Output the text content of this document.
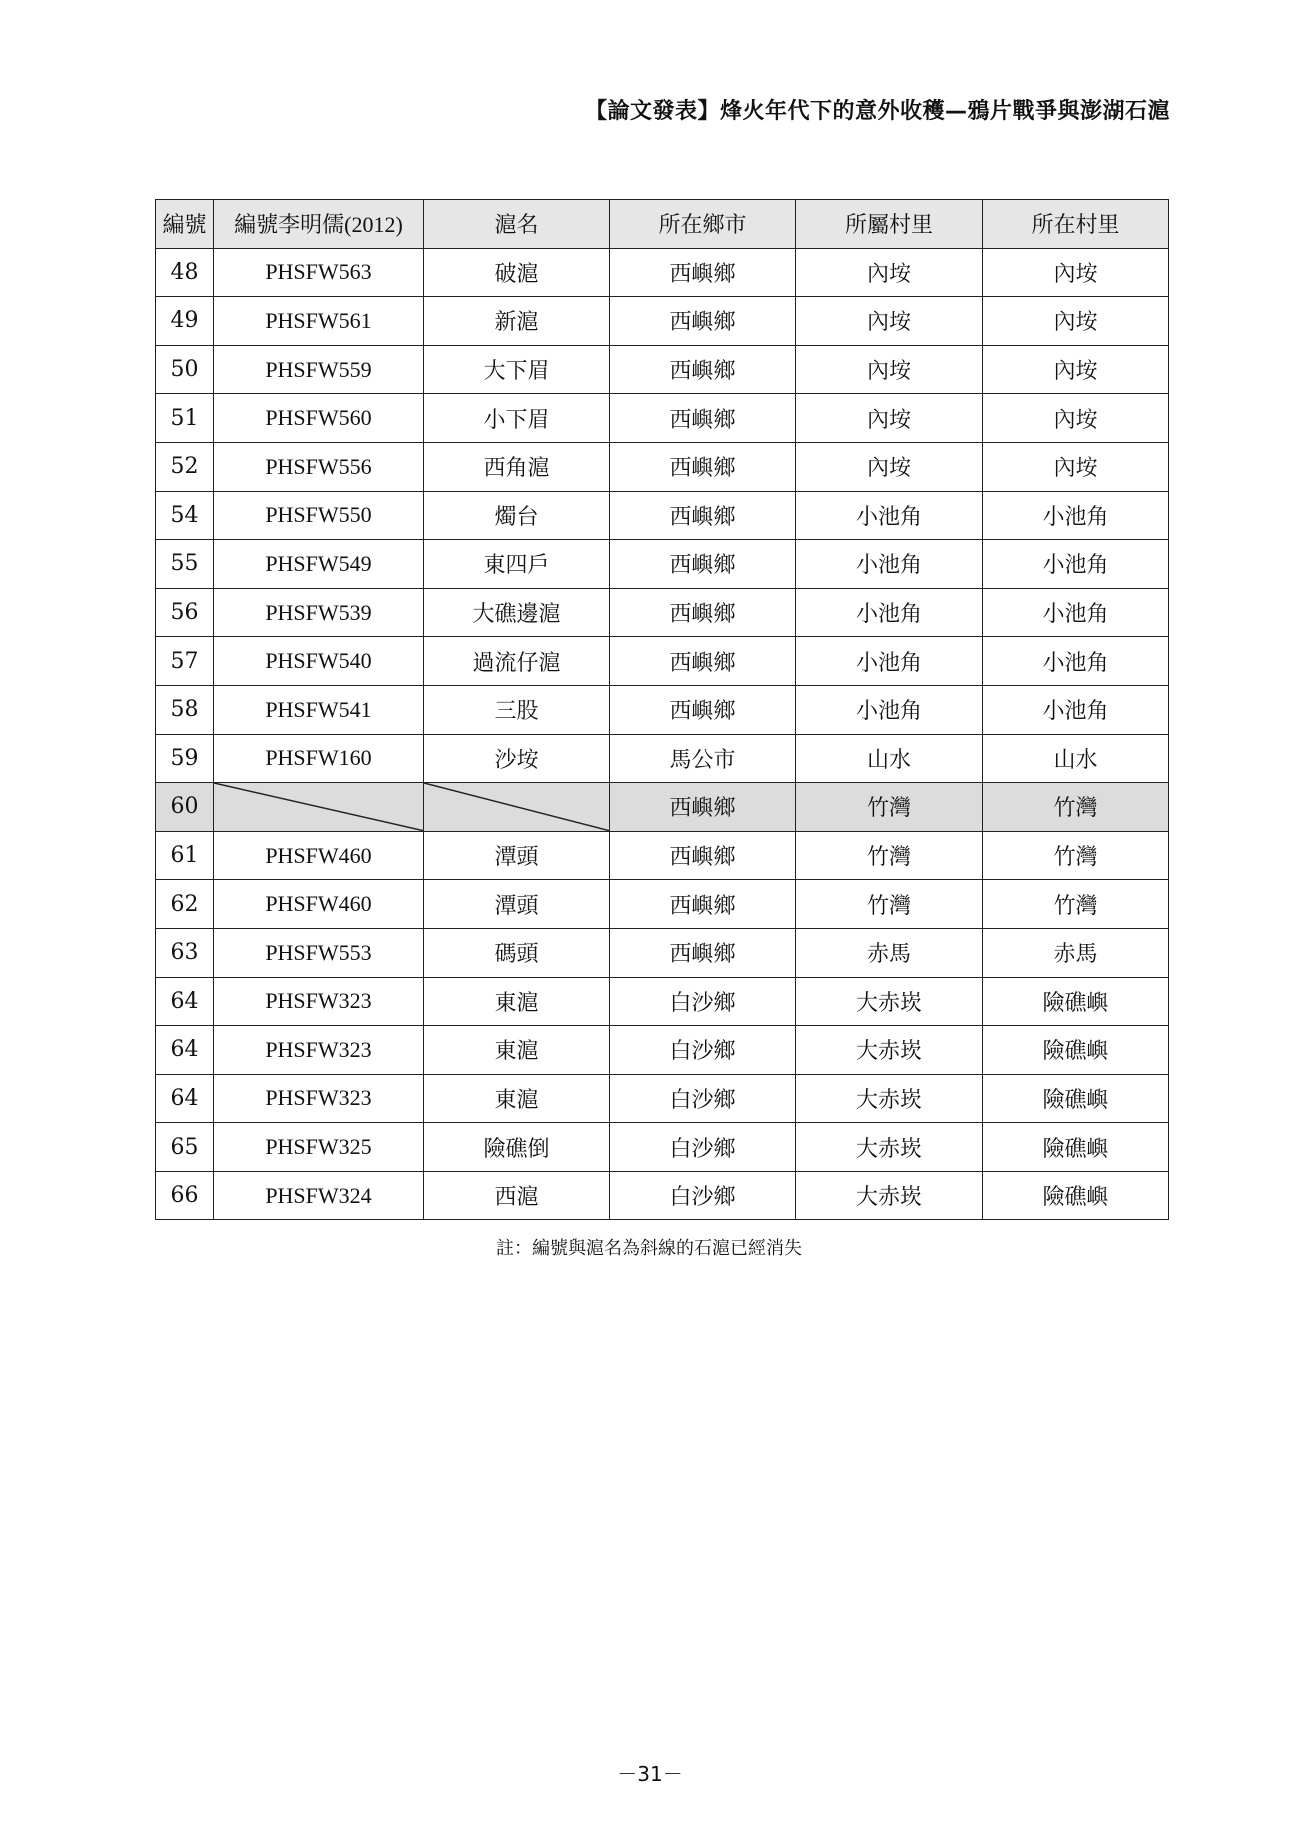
【論文發表】烽火年代下的意外收穫—鴉片戰爭與澎湖石滬
編號	編號李明儒(2012)	滬名	所在鄉市	所屬村里	所在村里
48	PHSFW563	破滬	西嶼鄉	內垵	內垵
49	PHSFW561	新滬	西嶼鄉	內垵	內垵
50	PHSFW559	大下眉	西嶼鄉	內垵	內垵
51	PHSFW560	小下眉	西嶼鄉	內垵	內垵
52	PHSFW556	西角滬	西嶼鄉	內垵	內垵
54	PHSFW550	燭台	西嶼鄉	小池角	小池角
55	PHSFW549	東四戶	西嶼鄉	小池角	小池角
56	PHSFW539	大礁邊滬	西嶼鄉	小池角	小池角
57	PHSFW540	過流仔滬	西嶼鄉	小池角	小池角
58	PHSFW541	三股	西嶼鄉	小池角	小池角
59	PHSFW160	沙垵	馬公市	山水	山水
60			西嶼鄉	竹灣	竹灣
61	PHSFW460	潭頭	西嶼鄉	竹灣	竹灣
62	PHSFW460	潭頭	西嶼鄉	竹灣	竹灣
63	PHSFW553	碼頭	西嶼鄉	赤馬	赤馬
64	PHSFW323	東滬	白沙鄉	大赤崁	險礁嶼
64	PHSFW323	東滬	白沙鄉	大赤崁	險礁嶼
64	PHSFW323	東滬	白沙鄉	大赤崁	險礁嶼
65	PHSFW325	險礁倒	白沙鄉	大赤崁	險礁嶼
66	PHSFW324	西滬	白沙鄉	大赤崁	險礁嶼
註：編號與滬名為斜線的石滬已經消失
－31－
